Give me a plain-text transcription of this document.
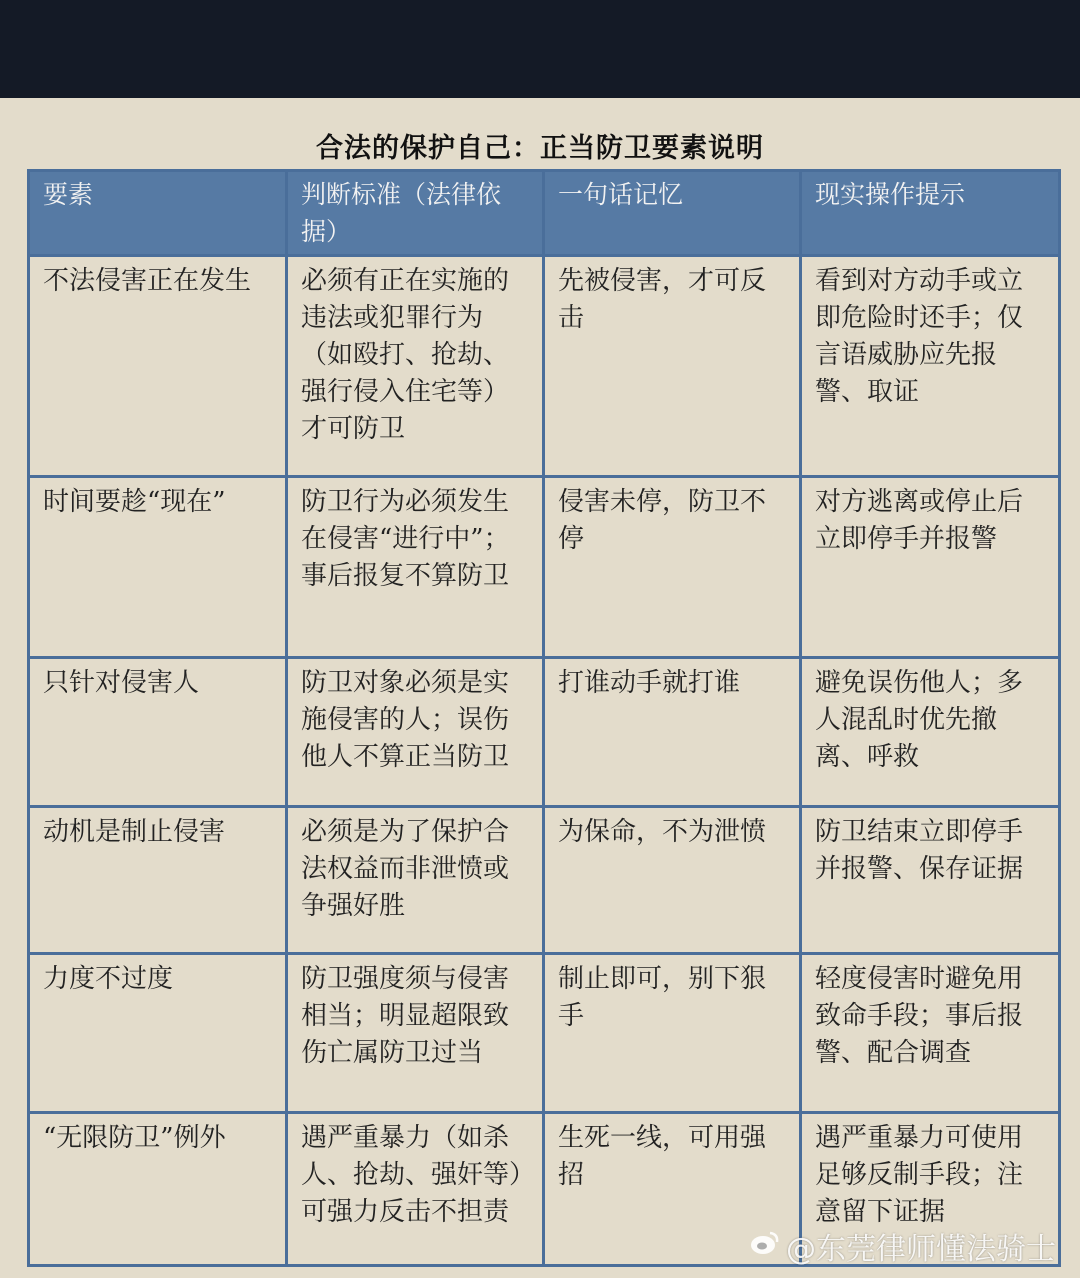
合法的保护自己：正当防卫要素说明
要素	判断标准（法律依据）	一句话记忆	现实操作提示
不法侵害正在发生	必须有正在实施的违法或犯罪行为（如殴打、抢劫、强行侵入住宅等）才可防卫	先被侵害，才可反击	看到对方动手或立即危险时还手；仅言语威胁应先报警、取证
时间要趁“现在”	防卫行为必须发生在侵害“进行中”；事后报复不算防卫	侵害未停，防卫不停	对方逃离或停止后立即停手并报警
只针对侵害人	防卫对象必须是实施侵害的人；误伤他人不算正当防卫	打谁动手就打谁	避免误伤他人；多人混乱时优先撤离、呼救
动机是制止侵害	必须是为了保护合法权益而非泄愤或争强好胜	为保命，不为泄愤	防卫结束立即停手并报警、保存证据
力度不过度	防卫强度须与侵害相当；明显超限致伤亡属防卫过当	制止即可，别下狠手	轻度侵害时避免用致命手段；事后报警、配合调查
“无限防卫”例外	遇严重暴力（如杀人、抢劫、强奸等）可强力反击不担责	生死一线，可用强招	遇严重暴力可使用足够反制手段；注意留下证据
@东莞律师懂法骑士
